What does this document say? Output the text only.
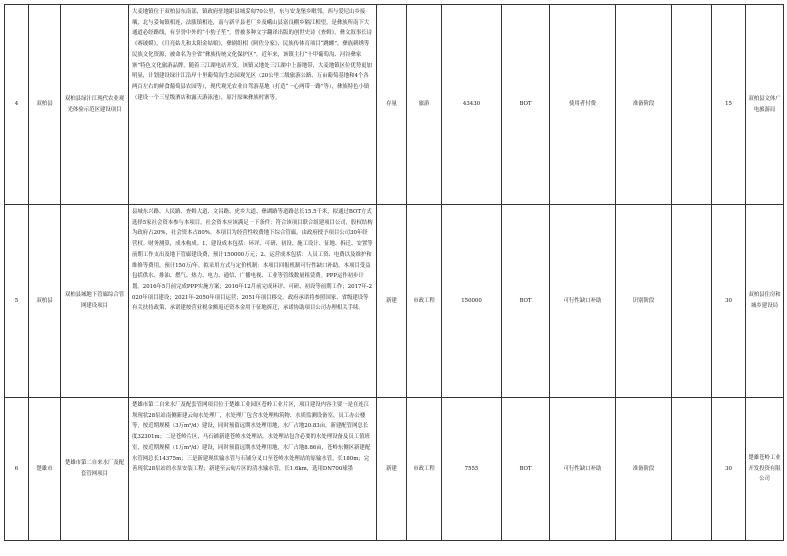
4	双柏县	双柏县绿汁江现代农业观光体验示范区建设项目	大麦地镇位于双柏县东南部，镇政府驻地距县城妥甸70公里，东与安龙堡乡毗邻，西与爱尼山乡接壤，北与妥甸镇相连，法脿镇相连，南与新平县老厂乡及峨山县富良棚乡隔江相望，是彝族所南下大通道必经路线，有享誉中外的“小豹子笙”，曾被多种文字翻译出版的创世史诗《查姆》，彝文叙事长诗《赛玻嫫》，《月亮姑儿和太阳金姑娘》，彝剧组相《阿佐分家》，民族传体育项目“跳螺”，彝族刺绣等民族文化资源，被命名为全省“彝族传统文化保护区”。近年来，该镇主打“十甲葡萄沟、河谷彝家寨”特色文化旅游品牌，随着三江湖电站开发，该镇又地处三江湖中上游地带，大麦地镇区位优势更加明显，计划建设绿汁江沿岸十里葡萄沟生态园观光区（20公里二级旅游公路、万亩葡萄基地和4个各两百左右的鲜食葡萄县农园等），现代观光农业自驾游基地（打造“一心两带一路”等），彝族特色小镇（建设一个三星级酒店和露天游泳池），原汁原味彝族村寨等。	存量	旅游	43430	BOT	使用者付费	准备阶段		15	双柏县文体广电旅游局
5	双柏县	双柏县城地下管廊综合管网建设项目	县城东兴路、人民路、查姆大道、文昌路、虎乡大道、彝湖路等道路总长15.5千米，拟通过BOT方式选择5家社会资本参与本项目。社会资本应该满足一下条件：符合该项目联合组建项目公司，股权结构为政府占20%，社会资本占80%。本项目为经营性收费地下综合管廊，由政府授予项目公司30年经营权。财务测算，成本构成。1、建设成本包括：环评、可研、初设、施工设计、征地、拆迁、安置等前期工作支出及地下管廊建设费，预计150000万元；2、运营成本包括：人员工资、电费以及维护和维修等费用，预计150万/年。拟采用方式与定价机制：本项目回报机制可行性缺口补助，本项目受益包括供水、排油、燃气、热力、电力、通信、广播电视、工业等管线数量租赁费。PPP运作初步计划。2016年5月前完成PPP实施方案；2016年12月前完成环评、可研、初设等前期工作；2017年-2020年项目建设；2021年-2050年项目运营；2051年项目移交。政府承诺将参照国家、省级建设等有关扶持政策，承诺建按营业税金额返还资本金用于征地拆迁，承诺协助项目公司办理相关手续。	新建	市政工程	150000	BOT	可行性缺口补助	识别阶段		30	双柏县住房和城乡建设局
6	楚雄市	楚雄市第二自来水厂及配套管网项目	楚雄市第二自来水厂及配套管网项目位于楚雄工业园区苍岭工业片区，项目建设内容主要一是在连江坝现状28泵站南侧新建云甸水处理厂，水处理厂包含水处理构筑物、水质监测设备室、员工办公楼等，按近期规模（3万m³/d）建设，同时预留远期水处理用地，水厂占地20.83亩，新建配管网总长度32301m；二是苍岭片区，马石铺新建苍岭水处理站，水处理站包含必要的水处理设备及员工值班室，按近期规模（1万m³/d）建设，同时预留远期水处理用地，水厂占地8.86亩，苍岭东侧区新建配水管网总长14375m；三是新建现状输水管与石铺分叉口至苍岭水处理站的原输水管，长180m；完善现状28泵站的水泵安装工程；新建至云甸片区的清水输水管，长1.6km，选用DN700球墨	新建	市政工程	7555	BOT	可行性缺口补助	准备阶段		30	楚雄苍岭工业开发投资有限公司
